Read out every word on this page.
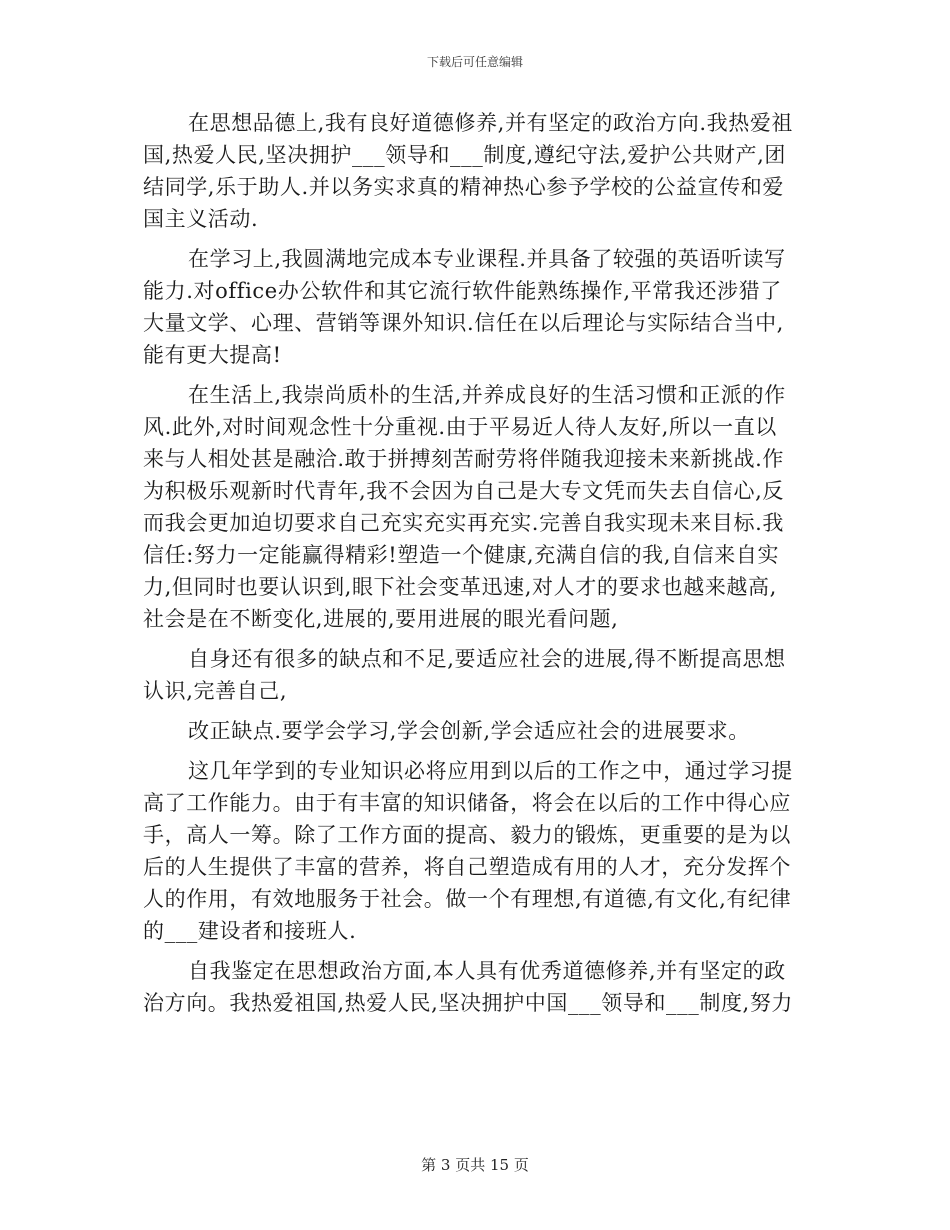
下载后可任意编辑
在思想品德上,我有良好道德修养,并有坚定的政治方向.我热爱祖
国,热爱人民,坚决拥护___领导和___制度,遵纪守法,爱护公共财产,团
结同学,乐于助人.并以务实求真的精神热心参予学校的公益宣传和爱
国主义活动.
在学习上,我圆满地完成本专业课程.并具备了较强的英语听读写
能力.对office办公软件和其它流行软件能熟练操作,平常我还涉猎了
大量文学、心理、营销等课外知识.信任在以后理论与实际结合当中,
能有更大提高!
在生活上,我崇尚质朴的生活,并养成良好的生活习惯和正派的作
风.此外,对时间观念性十分重视.由于平易近人待人友好,所以一直以
来与人相处甚是融洽.敢于拼搏刻苦耐劳将伴随我迎接未来新挑战.作
为积极乐观新时代青年,我不会因为自己是大专文凭而失去自信心,反
而我会更加迫切要求自己充实充实再充实.完善自我实现未来目标.我
信任:努力一定能赢得精彩!塑造一个健康,充满自信的我,自信来自实
力,但同时也要认识到,眼下社会变革迅速,对人才的要求也越来越高,
社会是在不断变化,进展的,要用进展的眼光看问题,
自身还有很多的缺点和不足,要适应社会的进展,得不断提高思想
认识,完善自己,
改正缺点.要学会学习,学会创新,学会适应社会的进展要求。
这几年学到的专业知识必将应用到以后的工作之中，通过学习提
高了工作能力。由于有丰富的知识储备，将会在以后的工作中得心应
手，高人一筹。除了工作方面的提高、毅力的锻炼，更重要的是为以
后的人生提供了丰富的营养，将自己塑造成有用的人才，充分发挥个
人的作用，有效地服务于社会。做一个有理想,有道德,有文化,有纪律
的___建设者和接班人.
自我鉴定在思想政治方面,本人具有优秀道德修养,并有坚定的政
治方向。我热爱祖国,热爱人民,坚决拥护中国___领导和___制度,努力
第 3 页共 15 页
